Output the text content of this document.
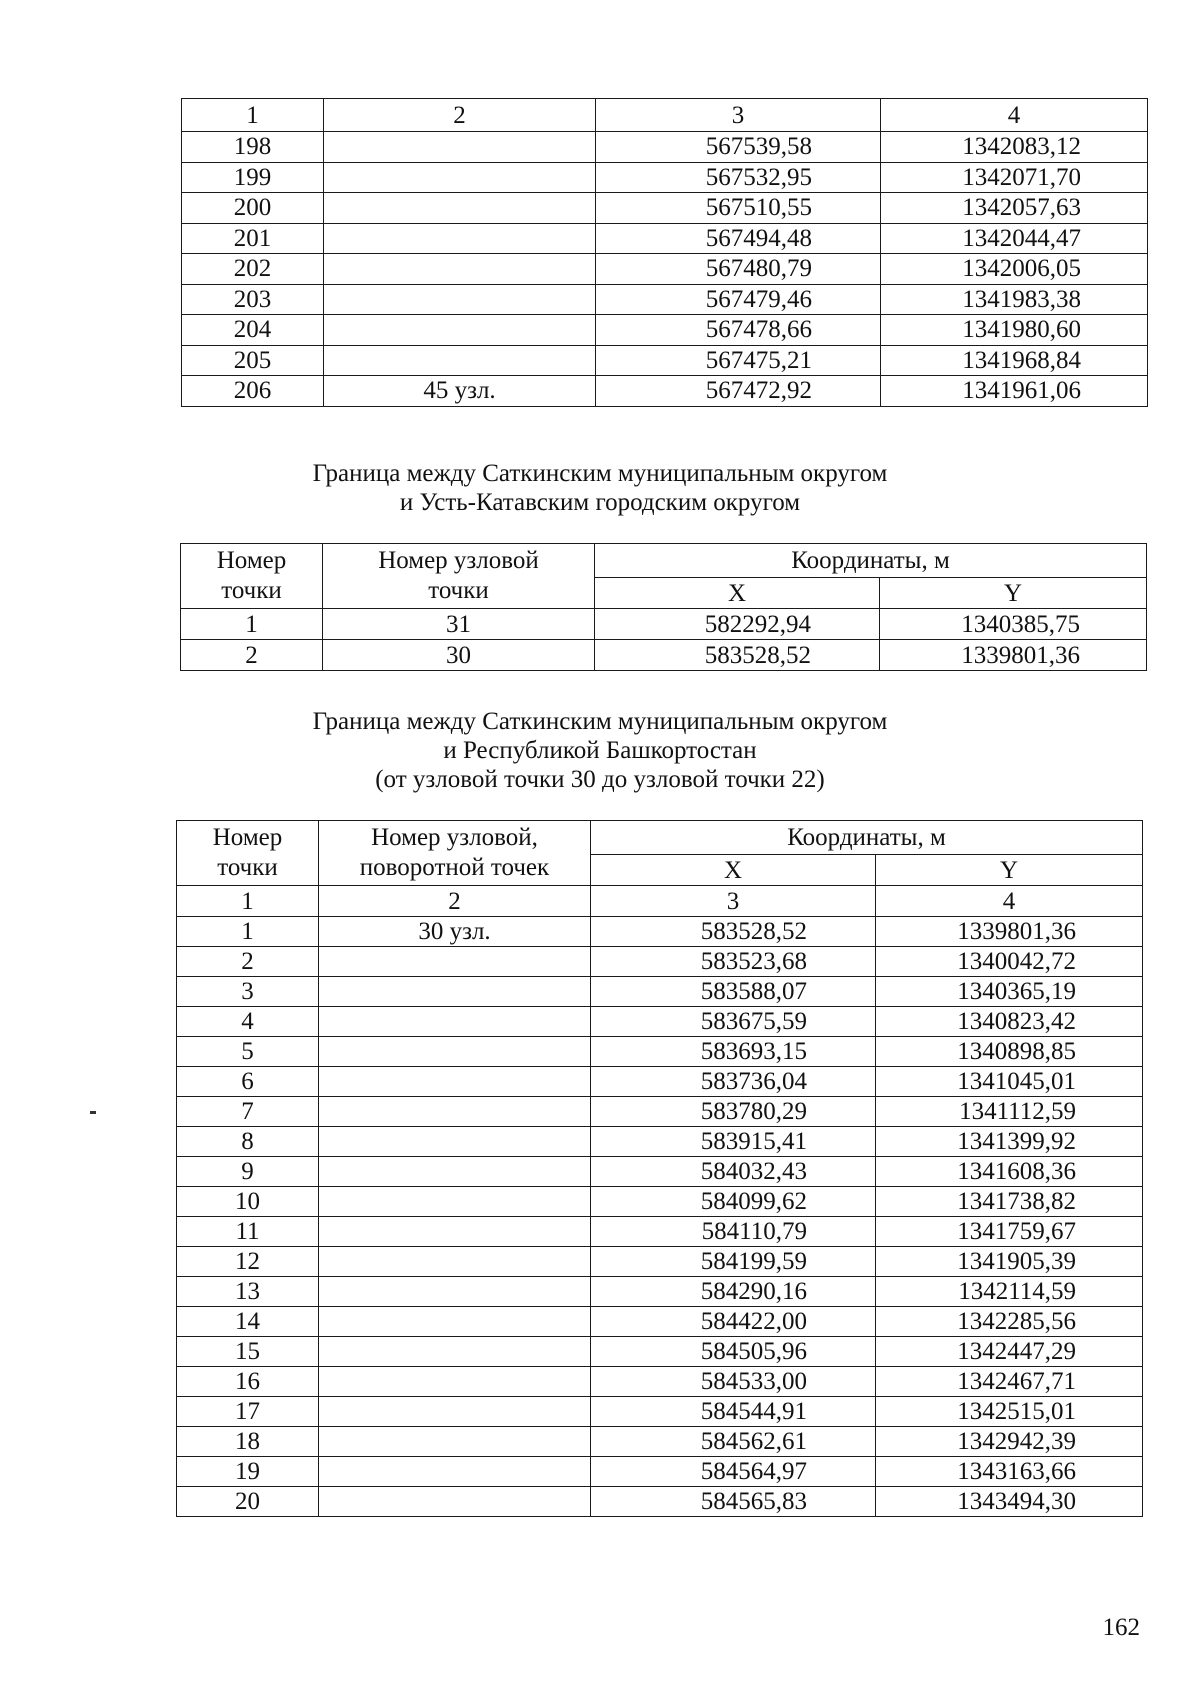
1	2	3	4
198		567539,58	1342083,12
199		567532,95	1342071,70
200		567510,55	1342057,63
201		567494,48	1342044,47
202		567480,79	1342006,05
203		567479,46	1341983,38
204		567478,66	1341980,60
205		567475,21	1341968,84
206	45 узл.	567472,92	1341961,06
Граница между Саткинским муниципальным округом
и Усть-Катавским городским округом
Номер точки	Номер узловой точки	Координаты, м	
		X	Y
1	31	582292,94	1340385,75
2	30	583528,52	1339801,36
Граница между Саткинским муниципальным округом
и Республикой Башкортостан
(от узловой точки 30 до узловой точки 22)
Номер точки	Номер узловой, поворотной точек	Координаты, м	
		X	Y
1	2	3	4
1	30 узл.	583528,52	1339801,36
2		583523,68	1340042,72
3		583588,07	1340365,19
4		583675,59	1340823,42
5		583693,15	1340898,85
6		583736,04	1341045,01
7		583780,29	1341112,59
8		583915,41	1341399,92
9		584032,43	1341608,36
10		584099,62	1341738,82
11		584110,79	1341759,67
12		584199,59	1341905,39
13		584290,16	1342114,59
14		584422,00	1342285,56
15		584505,96	1342447,29
16		584533,00	1342467,71
17		584544,91	1342515,01
18		584562,61	1342942,39
19		584564,97	1343163,66
20		584565,83	1343494,30
162
